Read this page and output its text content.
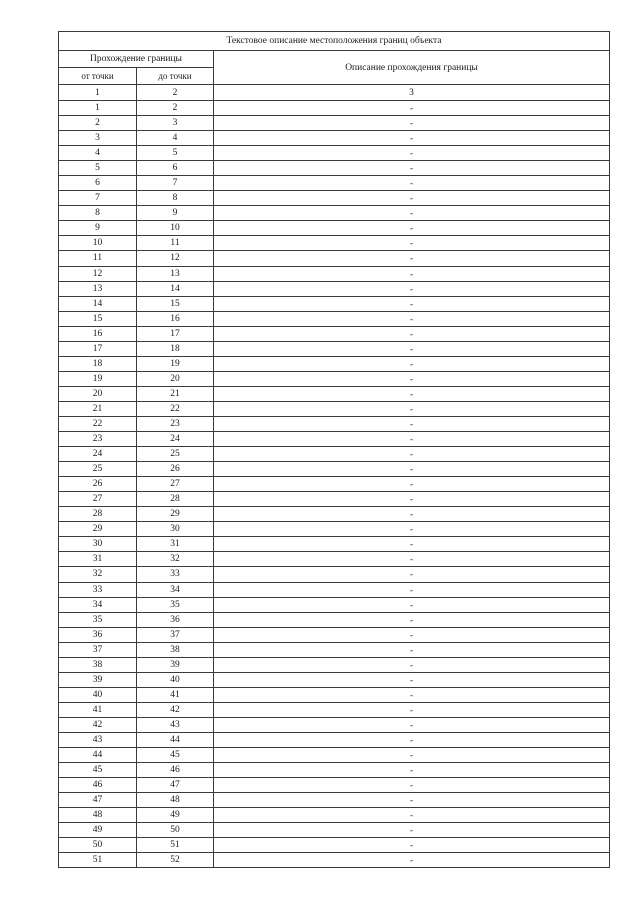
Текстовое описание местоположения границ объекта		
Прохождение границы		Описание прохождения границы
от точки	до точки	
1	2	3
1	2	-
2	3	-
3	4	-
4	5	-
5	6	-
6	7	-
7	8	-
8	9	-
9	10	-
10	11	-
11	12	-
12	13	-
13	14	-
14	15	-
15	16	-
16	17	-
17	18	-
18	19	-
19	20	-
20	21	-
21	22	-
22	23	-
23	24	-
24	25	-
25	26	-
26	27	-
27	28	-
28	29	-
29	30	-
30	31	-
31	32	-
32	33	-
33	34	-
34	35	-
35	36	-
36	37	-
37	38	-
38	39	-
39	40	-
40	41	-
41	42	-
42	43	-
43	44	-
44	45	-
45	46	-
46	47	-
47	48	-
48	49	-
49	50	-
50	51	-
51	52	-
